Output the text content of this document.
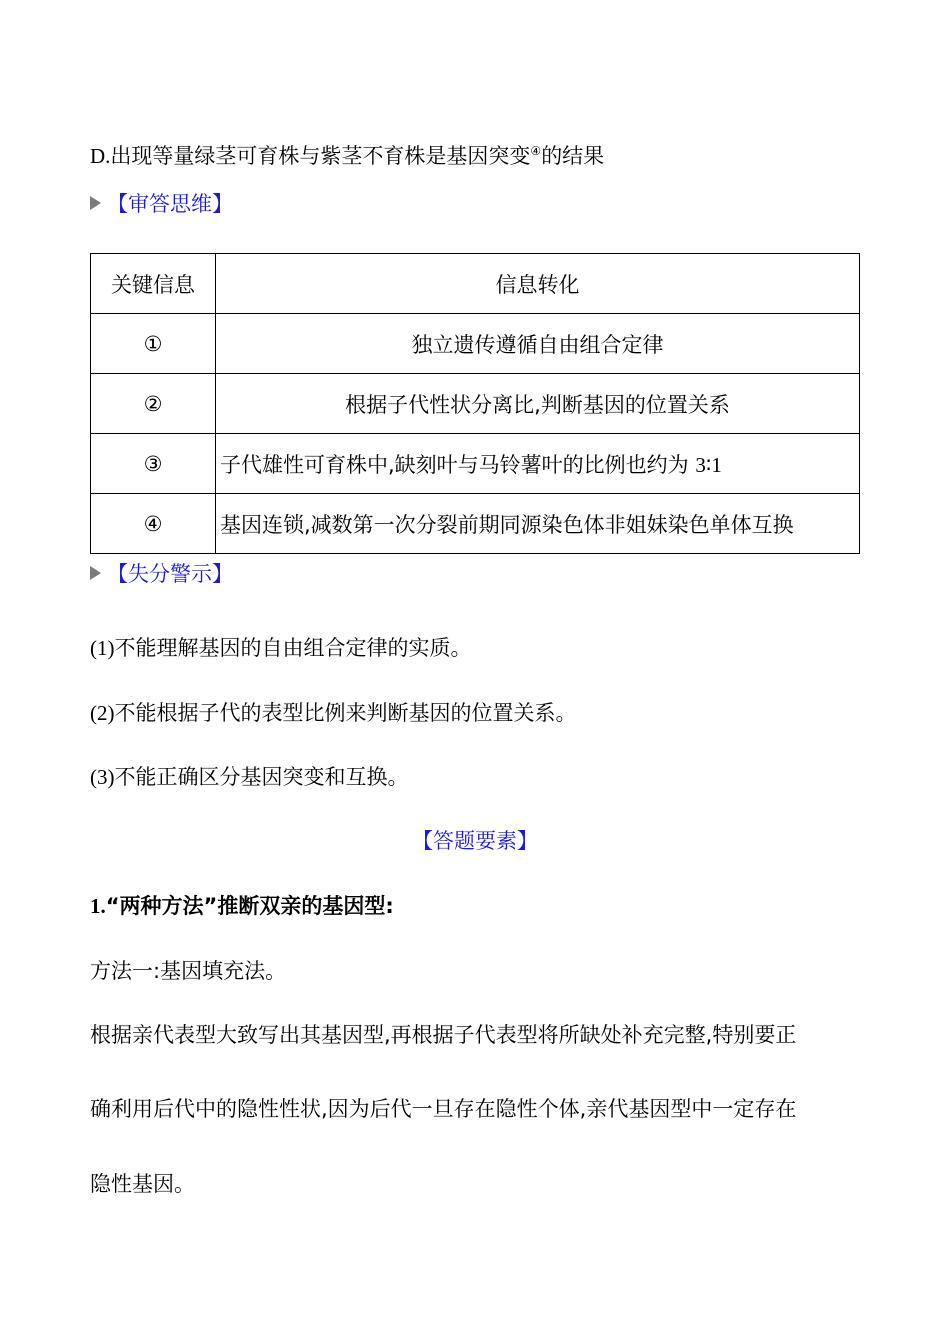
D.出现等量绿茎可育株与紫茎不育株是基因突变④的结果
【审答思维】
关键信息	信息转化
①	独立遗传遵循自由组合定律
②	根据子代性状分离比,判断基因的位置关系
③	子代雄性可育株中,缺刻叶与马铃薯叶的比例也约为 3∶1
④	基因连锁,减数第一次分裂前期同源染色体非姐妹染色单体互换
【失分警示】
(1)不能理解基因的自由组合定律的实质。
(2)不能根据子代的表型比例来判断基因的位置关系。
(3)不能正确区分基因突变和互换。
【答题要素】
1.“两种方法”推断双亲的基因型:
方法一:基因填充法。
根据亲代表型大致写出其基因型,再根据子代表型将所缺处补充完整,特别要正
确利用后代中的隐性性状,因为后代一旦存在隐性个体,亲代基因型中一定存在
隐性基因。
